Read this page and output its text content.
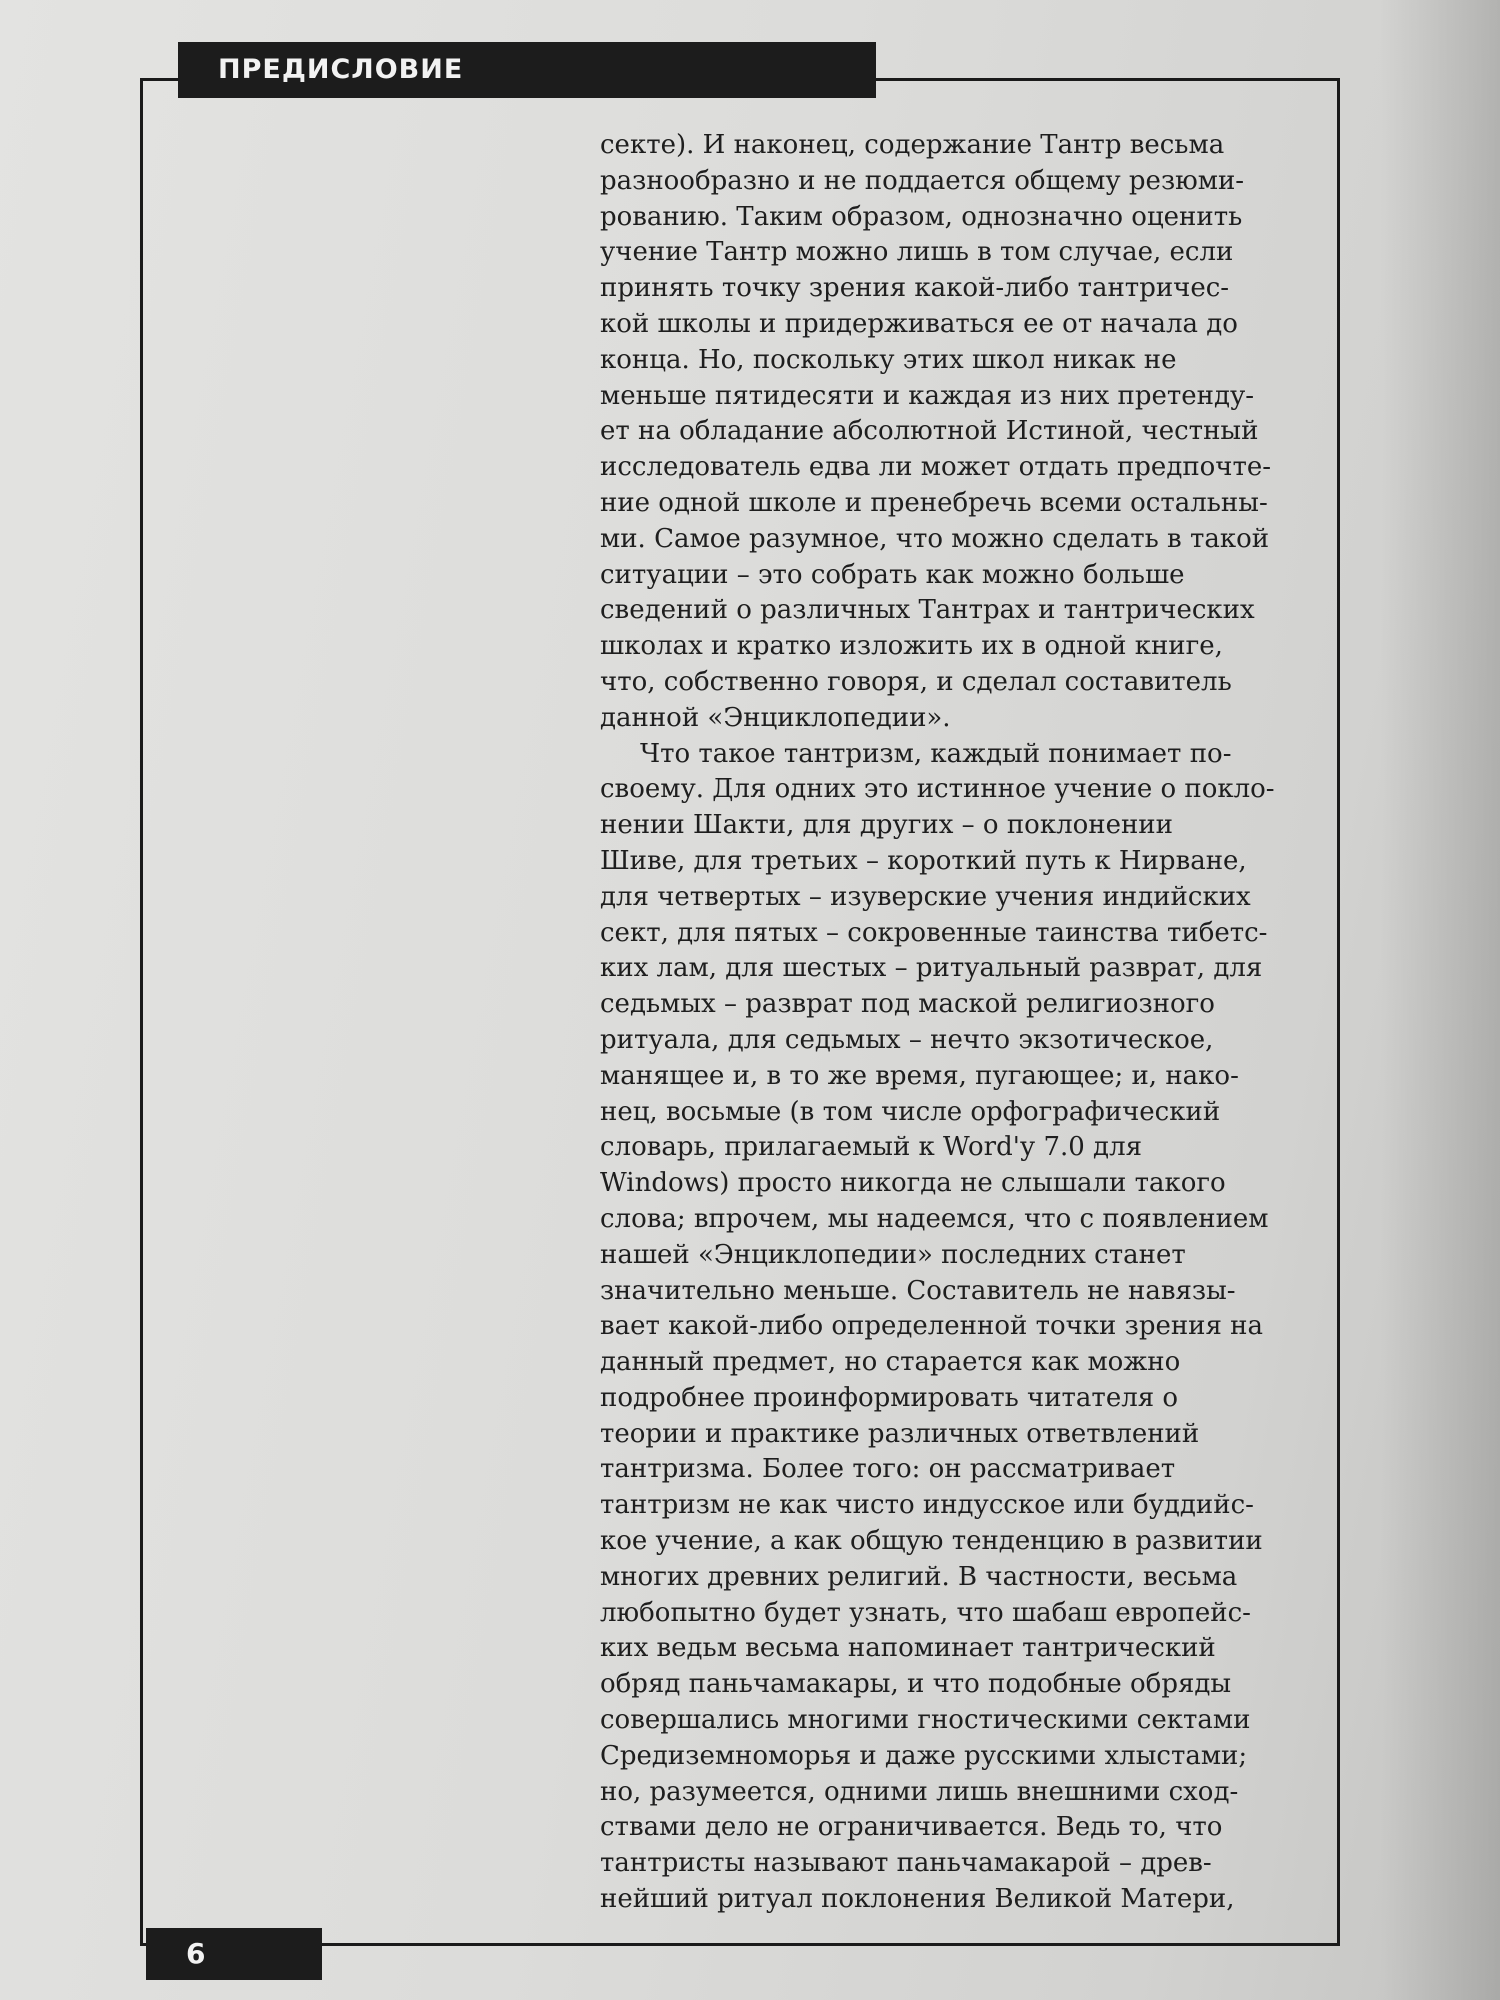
ПРЕДИСЛОВИЕ
секте). И наконец, содержание Тантр весьма
разнообразно и не поддается общему резюми-
рованию. Таким образом, однозначно оценить
учение Тантр можно лишь в том случае, если
принять точку зрения какой-либо тантричес-
кой школы и придерживаться ее от начала до
конца. Но, поскольку этих школ никак не
меньше пятидесяти и каждая из них претенду-
ет на обладание абсолютной Истиной, честный
исследователь едва ли может отдать предпочте-
ние одной школе и пренебречь всеми остальны-
ми. Самое разумное, что можно сделать в такой
ситуации – это собрать как можно больше
сведений о различных Тантрах и тантрических
школах и кратко изложить их в одной книге,
что, собственно говоря, и сделал составитель
данной «Энциклопедии».
Что такое тантризм, каждый понимает по-
своему. Для одних это истинное учение о покло-
нении Шакти, для других – о поклонении
Шиве, для третьих – короткий путь к Нирване,
для четвертых – изуверские учения индийских
сект, для пятых – сокровенные таинства тибетс-
ких лам, для шестых – ритуальный разврат, для
седьмых – разврат под маской религиозного
ритуала, для седьмых – нечто экзотическое,
манящее и, в то же время, пугающее; и, нако-
нец, восьмые (в том числе орфографический
словарь, прилагаемый к Word'у 7.0 для
Windows) просто никогда не слышали такого
слова; впрочем, мы надеемся, что с появлением
нашей «Энциклопедии» последних станет
значительно меньше. Составитель не навязы-
вает какой-либо определенной точки зрения на
данный предмет, но старается как можно
подробнее проинформировать читателя о
теории и практике различных ответвлений
тантризма. Более того: он рассматривает
тантризм не как чисто индусское или буддийс-
кое учение, а как общую тенденцию в развитии
многих древних религий. В частности, весьма
любопытно будет узнать, что шабаш европейс-
ких ведьм весьма напоминает тантрический
обряд паньчамакары, и что подобные обряды
совершались многими гностическими сектами
Средиземноморья и даже русскими хлыстами;
но, разумеется, одними лишь внешними сход-
ствами дело не ограничивается. Ведь то, что
тантристы называют паньчамакарой – древ-
нейший ритуал поклонения Великой Матери,
6
